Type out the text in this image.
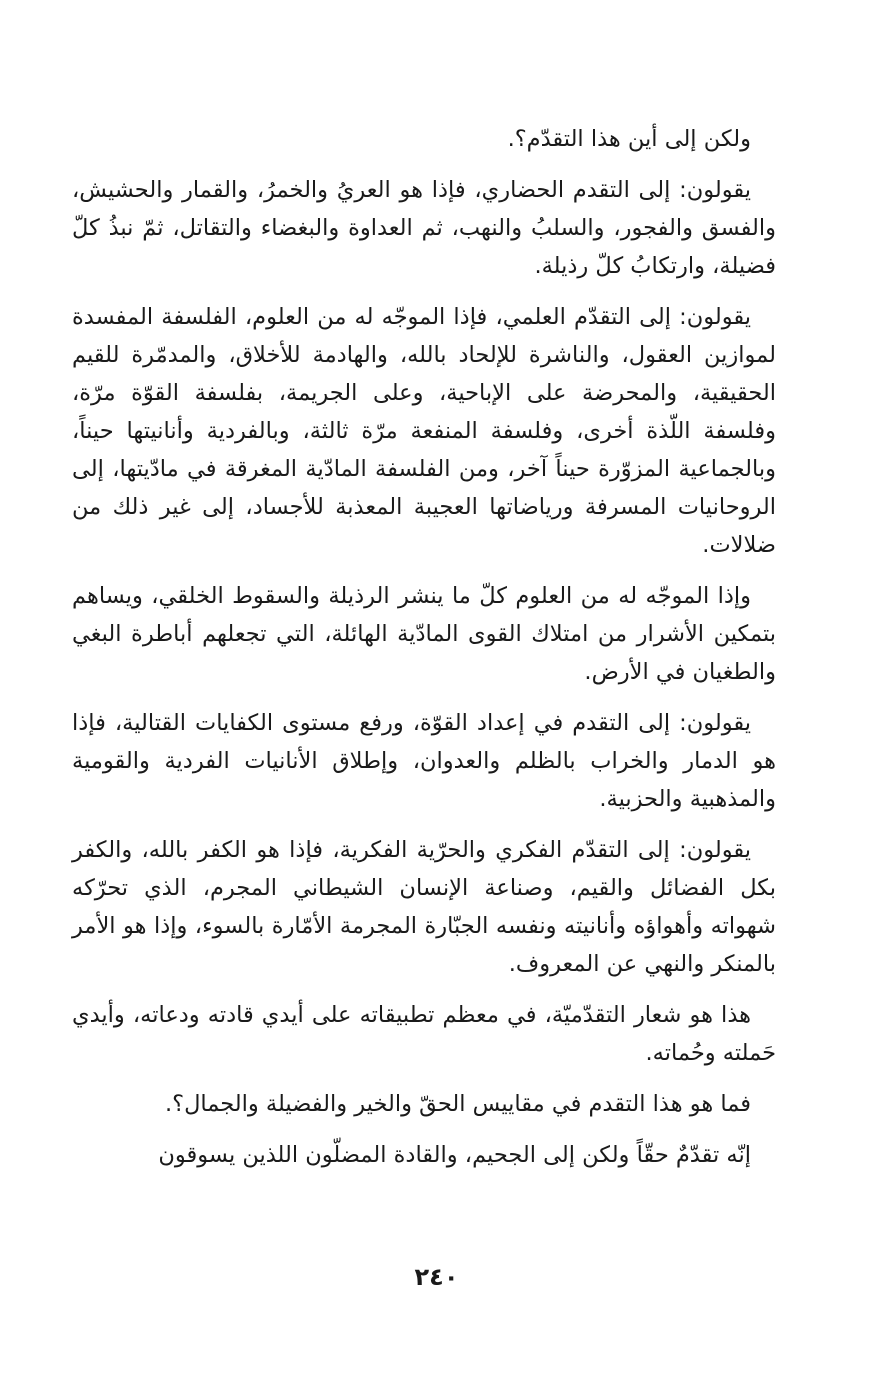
ولكن إلى أين هذا التقدّم؟.

يقولون: إلى التقدم الحضاري، فإذا هو العريُ والخمرُ، والقمار والحشيش، والفسق والفجور، والسلبُ والنهب، ثم العداوة والبغضاء والتقاتل، ثمّ نبذُ كلّ فضيلة، وارتكابُ كلّ رذيلة.

يقولون: إلى التقدّم العلمي، فإذا الموجّه له من العلوم، الفلسفة المفسدة لموازين العقول، والناشرة للإلحاد بالله، والهادمة للأخلاق، والمدمّرة للقيم الحقيقية، والمحرضة على الإباحية، وعلى الجريمة، بفلسفة القوّة مرّة، وفلسفة اللّذة أخرى، وفلسفة المنفعة مرّة ثالثة، وبالفردية وأنانيتها حيناً، وبالجماعية المزوّرة حيناً آخر، ومن الفلسفة المادّية المغرقة في مادّيتها، إلى الروحانيات المسرفة ورياضاتها العجيبة المعذبة للأجساد، إلى غير ذلك من ضلالات.

وإذا الموجّه له من العلوم كلّ ما ينشر الرذيلة والسقوط الخلقي، ويساهم بتمكين الأشرار من امتلاك القوى المادّية الهائلة، التي تجعلهم أباطرة البغي والطغيان في الأرض.

يقولون: إلى التقدم في إعداد القوّة، ورفع مستوى الكفايات القتالية، فإذا هو الدمار والخراب بالظلم والعدوان، وإطلاق الأنانيات الفردية والقومية والمذهبية والحزبية.

يقولون: إلى التقدّم الفكري والحرّية الفكرية، فإذا هو الكفر بالله، والكفر بكل الفضائل والقيم، وصناعة الإنسان الشيطاني المجرم، الذي تحرّكه شهواته وأهواؤه وأنانيته ونفسه الجبّارة المجرمة الأمّارة بالسوء، وإذا هو الأمر بالمنكر والنهي عن المعروف.

هذا هو شعار التقدّميّة، في معظم تطبيقاته على أيدي قادته ودعاته، وأيدي حَملته وحُماته.

فما هو هذا التقدم في مقاييس الحقّ والخير والفضيلة والجمال؟.

إنّه تقدّمٌ حقّاً ولكن إلى الجحيم، والقادة المضلّون اللذين يسوقون

٢٤٠
